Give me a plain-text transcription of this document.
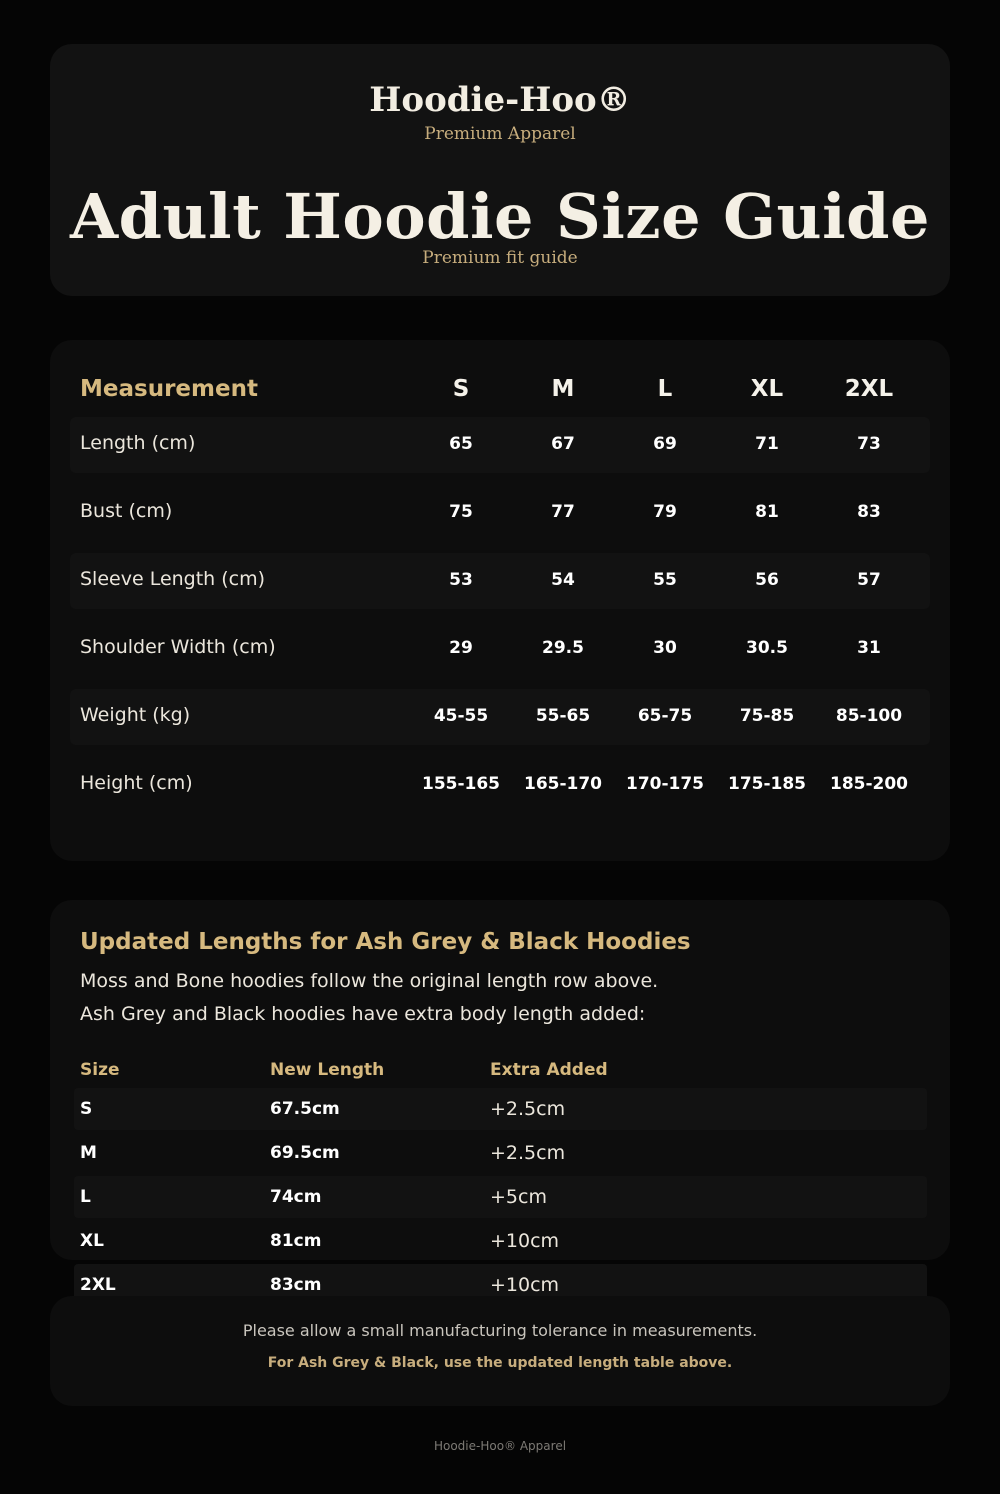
Hoodie-Hoo®
Premium Apparel
Adult Hoodie Size Guide
Premium fit guide
Measurement	S	M	L	XL	2XL
Length (cm)	65	67	69	71	73
Bust (cm)	75	77	79	81	83
Sleeve Length (cm)	53	54	55	56	57
Shoulder Width (cm)	29	29.5	30	30.5	31
Weight (kg)	45-55	55-65	65-75	75-85	85-100
Height (cm)	155-165	165-170	170-175	175-185	185-200
Updated Lengths for Ash Grey & Black Hoodies
Moss and Bone hoodies follow the original length row above.
Ash Grey and Black hoodies have extra body length added:
Size	New Length	Extra Added
S	67.5cm	+2.5cm
M	69.5cm	+2.5cm
L	74cm	+5cm
XL	81cm	+10cm
2XL	83cm	+10cm
Please allow a small manufacturing tolerance in measurements.
For Ash Grey & Black, use the updated length table above.
Hoodie-Hoo® Apparel
